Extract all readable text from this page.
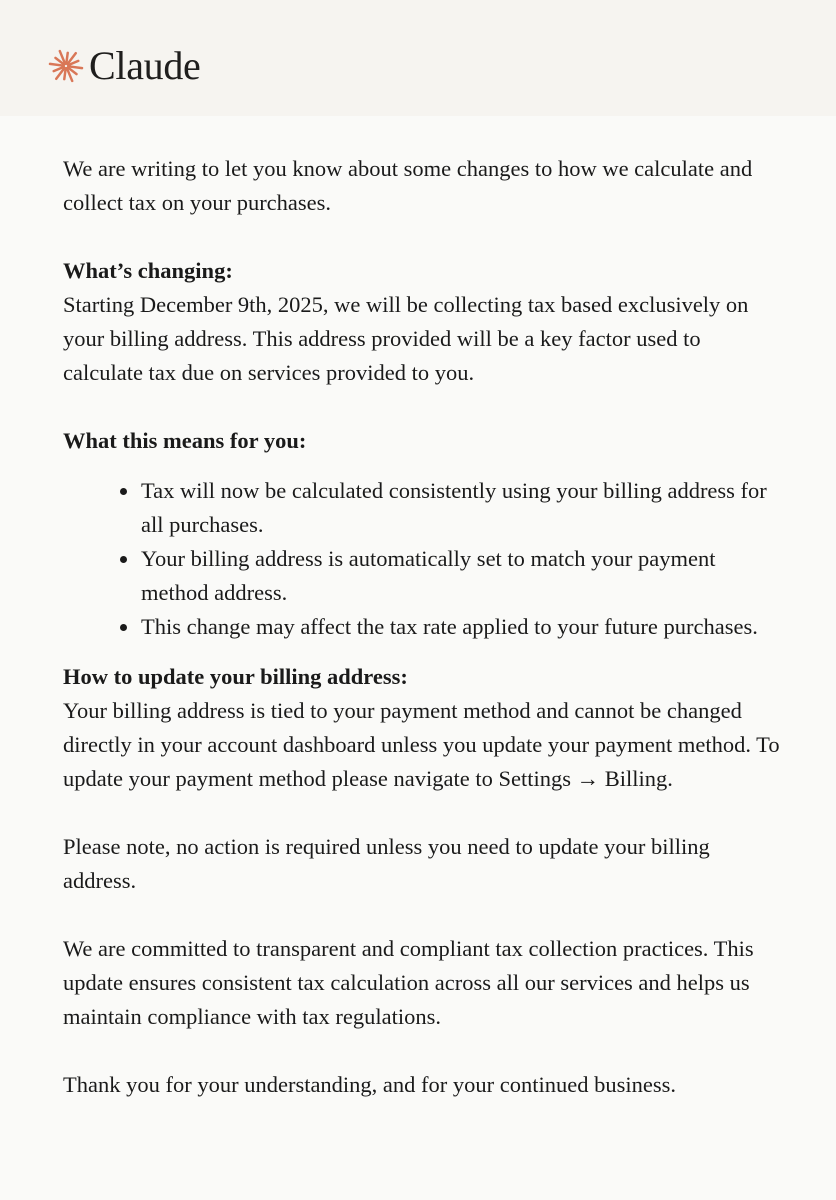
Claude

We are writing to let you know about some changes to how we calculate and collect tax on your purchases.

What’s changing:

Starting December 9th, 2025, we will be collecting tax based exclusively on your billing address. This address provided will be a key factor used to calculate tax due on services provided to you.

What this means for you:

• Tax will now be calculated consistently using your billing address for all purchases.
• Your billing address is automatically set to match your payment method address.
• This change may affect the tax rate applied to your future purchases.

How to update your billing address:

Your billing address is tied to your payment method and cannot be changed directly in your account dashboard unless you update your payment method. To update your payment method please navigate to Settings → Billing.

Please note, no action is required unless you need to update your billing address.

We are committed to transparent and compliant tax collection practices. This update ensures consistent tax calculation across all our services and helps us maintain compliance with tax regulations.

Thank you for your understanding, and for your continued business.
